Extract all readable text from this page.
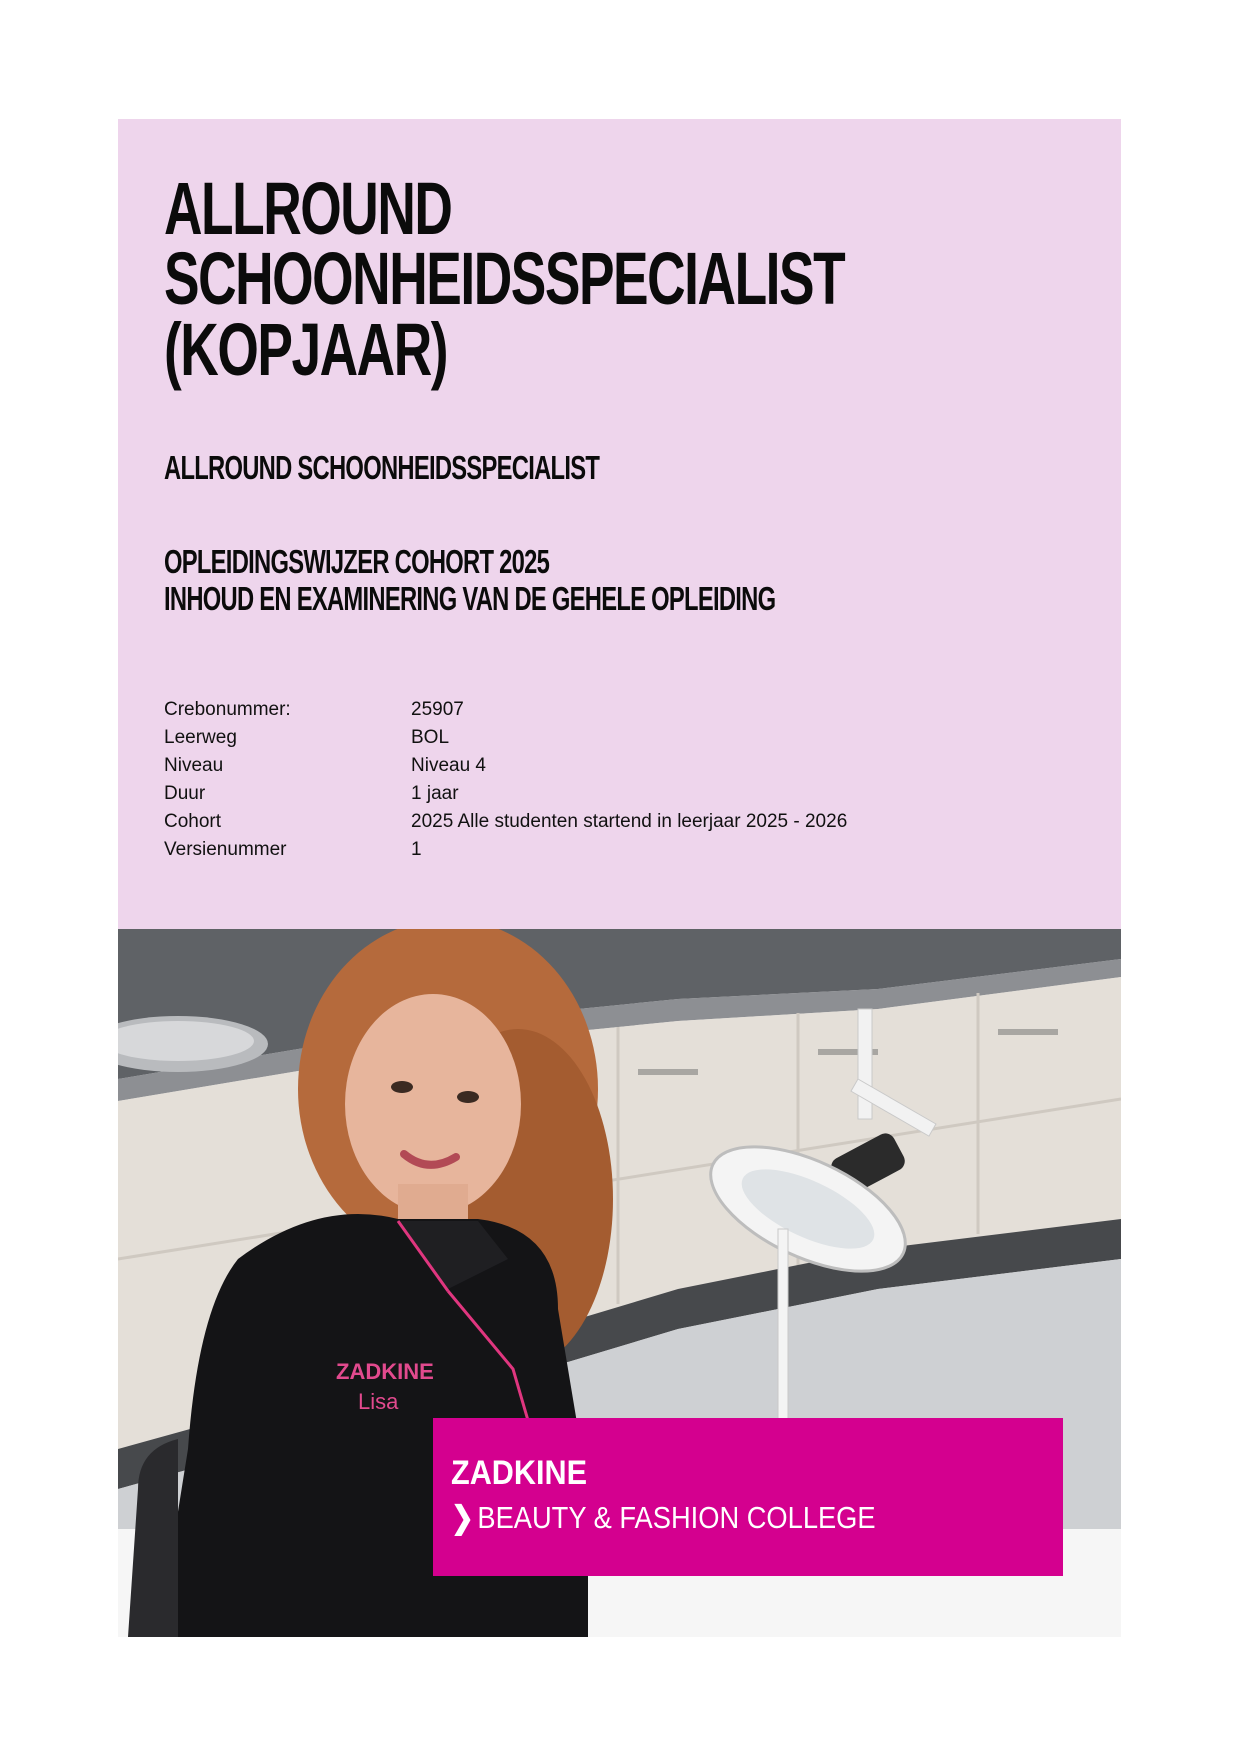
ALLROUND
SCHOONHEIDSSPECIALIST
(KOPJAAR)
ALLROUND SCHOONHEIDSSPECIALIST
OPLEIDINGSWIJZER COHORT 2025
INHOUD EN EXAMINERING VAN DE GEHELE OPLEIDING
Crebonummer:	25907
Leerweg	BOL
Niveau	Niveau 4
Duur	1 jaar
Cohort	2025 Alle studenten startend in leerjaar 2025 - 2026
Versienummer	1
ZADKINE
Lisa

ZADKINE

❯ BEAUTY & FASHION COLLEGE
